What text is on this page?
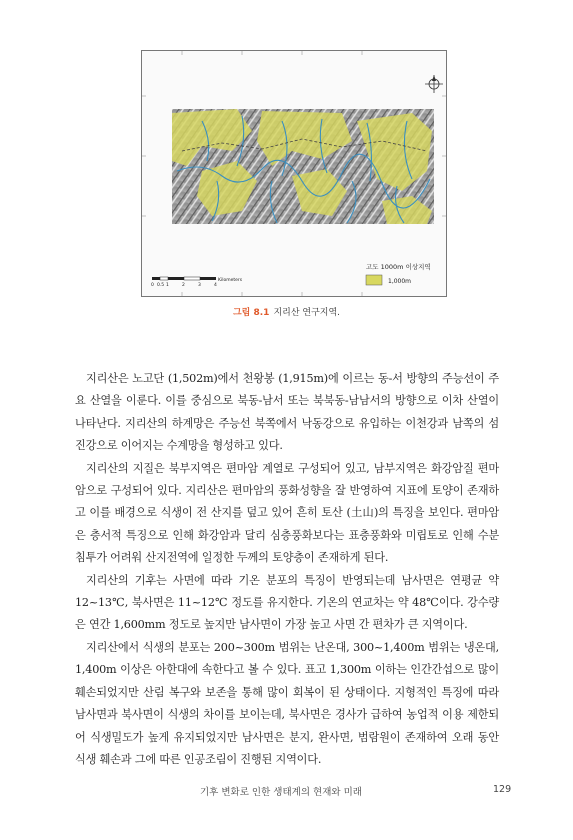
0 0.5 1	2	3	4
Kilometers
고도 1000m 이상지역
1,000m
그림 8.1 지리산 연구지역.

지리산은 노고단 (1,502m)에서 천왕봉 (1,915m)에 이르는 동-서 방향의 주능선이 주요 산열을 이룬다. 이를 중심으로 북동-남서 또는 북북동-남남서의 방향으로 이차 산열이 나타난다. 지리산의 하계망은 주능선 북쪽에서 낙동강으로 유입하는 이천강과 남쪽의 섬진강으로 이어지는 수계망을 형성하고 있다.

지리산의 지질은 북부지역은 편마암 계열로 구성되어 있고, 남부지역은 화강암질 편마암으로 구성되어 있다. 지리산은 편마암의 풍화성향을 잘 반영하여 지표에 토양이 존재하고 이를 배경으로 식생이 전 산지를 덮고 있어 흔히 토산 (土山)의 특징을 보인다. 편마암은 층서적 특징으로 인해 화강암과 달리 심층풍화보다는 표층풍화와 미립토로 인해 수분침투가 어려워 산지전역에 일정한 두께의 토양층이 존재하게 된다.

지리산의 기후는 사면에 따라 기온 분포의 특징이 반영되는데 남사면은 연평균 약 12~13℃, 북사면은 11~12℃ 정도를 유지한다. 기온의 연교차는 약 48℃이다. 강수량은 연간 1,600mm 정도로 높지만 남사면이 가장 높고 사면 간 편차가 큰 지역이다.

지리산에서 식생의 분포는 200~300m 범위는 난온대, 300~1,400m 범위는 냉온대, 1,400m 이상은 아한대에 속한다고 볼 수 있다. 표고 1,300m 이하는 인간간섭으로 많이 훼손되었지만 산림 복구와 보존을 통해 많이 회복이 된 상태이다. 지형적인 특징에 따라 남사면과 북사면이 식생의 차이를 보이는데, 북사면은 경사가 급하여 농업적 이용 제한되어 식생밀도가 높게 유지되었지만 남사면은 분지, 완사면, 범람원이 존재하여 오래 동안 식생 훼손과 그에 따른 인공조림이 진행된 지역이다.

기후 변화로 인한 생태계의 현재와 미래	129
